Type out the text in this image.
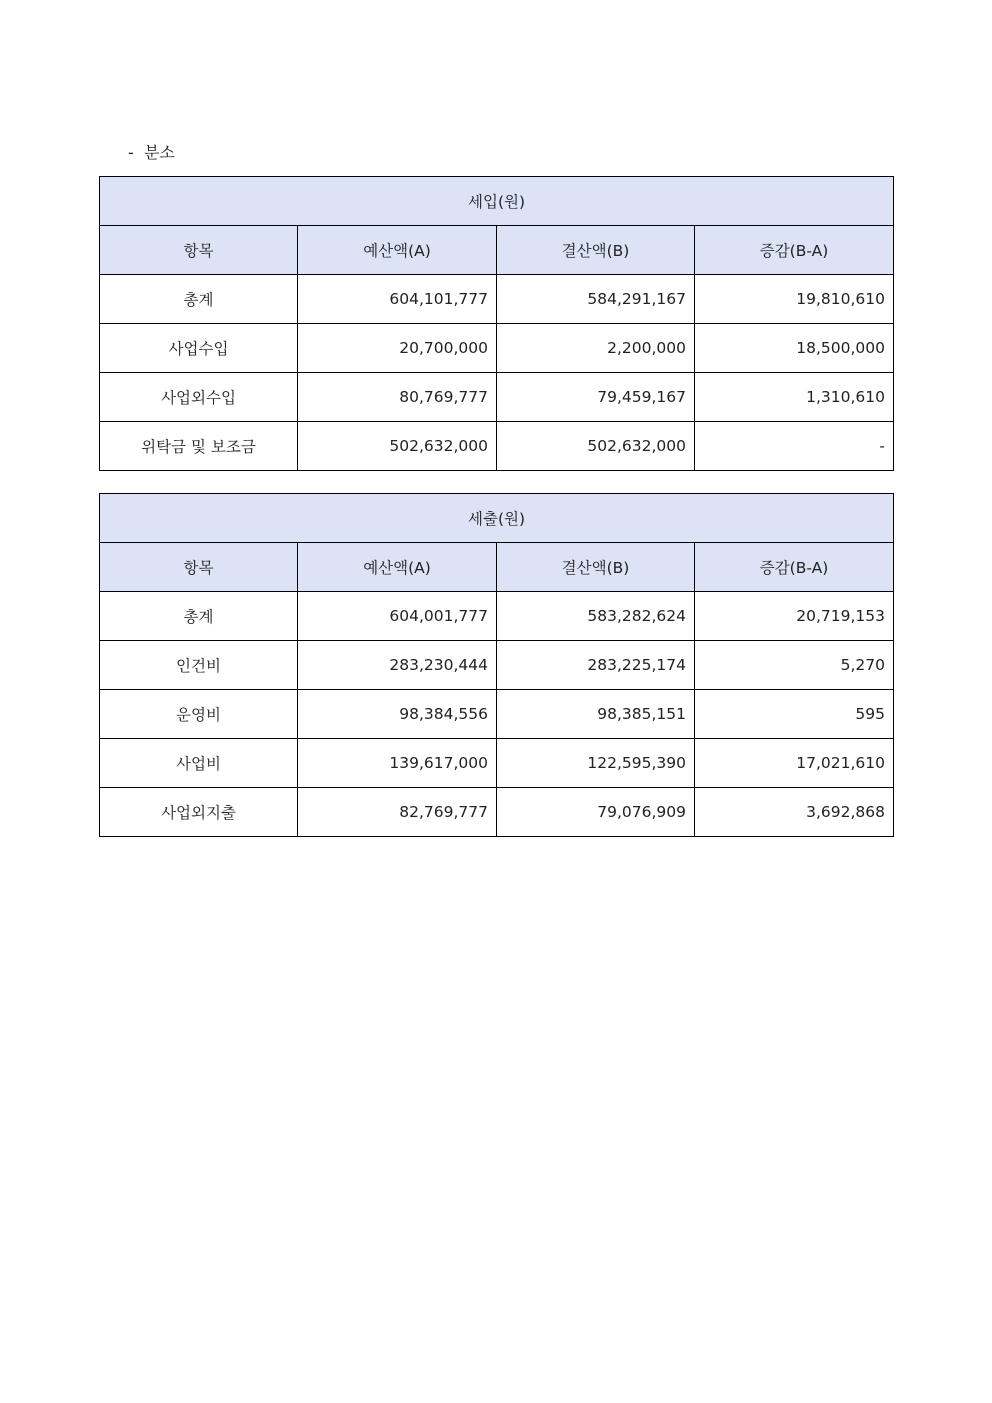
-  분소
세입(원)			
항목	예산액(A)	결산액(B)	증감(B-A)
총계	604,101,777	584,291,167	19,810,610
사업수입	20,700,000	2,200,000	18,500,000
사업외수입	80,769,777	79,459,167	1,310,610
위탁금 및 보조금	502,632,000	502,632,000	-
세출(원)			
항목	예산액(A)	결산액(B)	증감(B-A)
총계	604,001,777	583,282,624	20,719,153
인건비	283,230,444	283,225,174	5,270
운영비	98,384,556	98,385,151	595
사업비	139,617,000	122,595,390	17,021,610
사업외지출	82,769,777	79,076,909	3,692,868
